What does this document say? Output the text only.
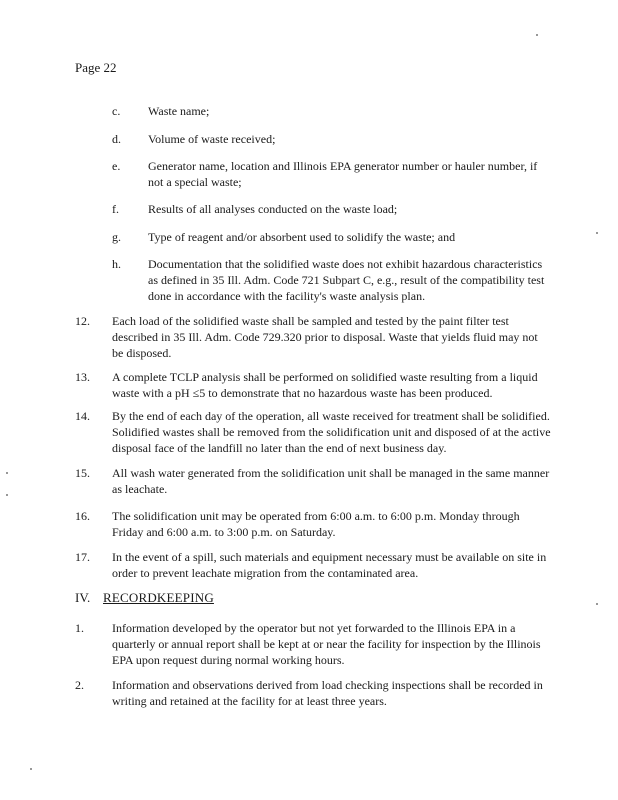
Page 22
c. Waste name;
d. Volume of waste received;
e. Generator name, location and Illinois EPA generator number or hauler number, if not a special waste;
f. Results of all analyses conducted on the waste load;
g. Type of reagent and/or absorbent used to solidify the waste; and
h. Documentation that the solidified waste does not exhibit hazardous characteristics as defined in 35 Ill. Adm. Code 721 Subpart C, e.g., result of the compatibility test done in accordance with the facility's waste analysis plan.
12. Each load of the solidified waste shall be sampled and tested by the paint filter test described in 35 Ill. Adm. Code 729.320 prior to disposal. Waste that yields fluid may not be disposed.
13. A complete TCLP analysis shall be performed on solidified waste resulting from a liquid waste with a pH ≤5 to demonstrate that no hazardous waste has been produced.
14. By the end of each day of the operation, all waste received for treatment shall be solidified. Solidified wastes shall be removed from the solidification unit and disposed of at the active disposal face of the landfill no later than the end of next business day.
15. All wash water generated from the solidification unit shall be managed in the same manner as leachate.
16. The solidification unit may be operated from 6:00 a.m. to 6:00 p.m. Monday through Friday and 6:00 a.m. to 3:00 p.m. on Saturday.
17. In the event of a spill, such materials and equipment necessary must be available on site in order to prevent leachate migration from the contaminated area.
IV. RECORDKEEPING
1. Information developed by the operator but not yet forwarded to the Illinois EPA in a quarterly or annual report shall be kept at or near the facility for inspection by the Illinois EPA upon request during normal working hours.
2. Information and observations derived from load checking inspections shall be recorded in writing and retained at the facility for at least three years.
